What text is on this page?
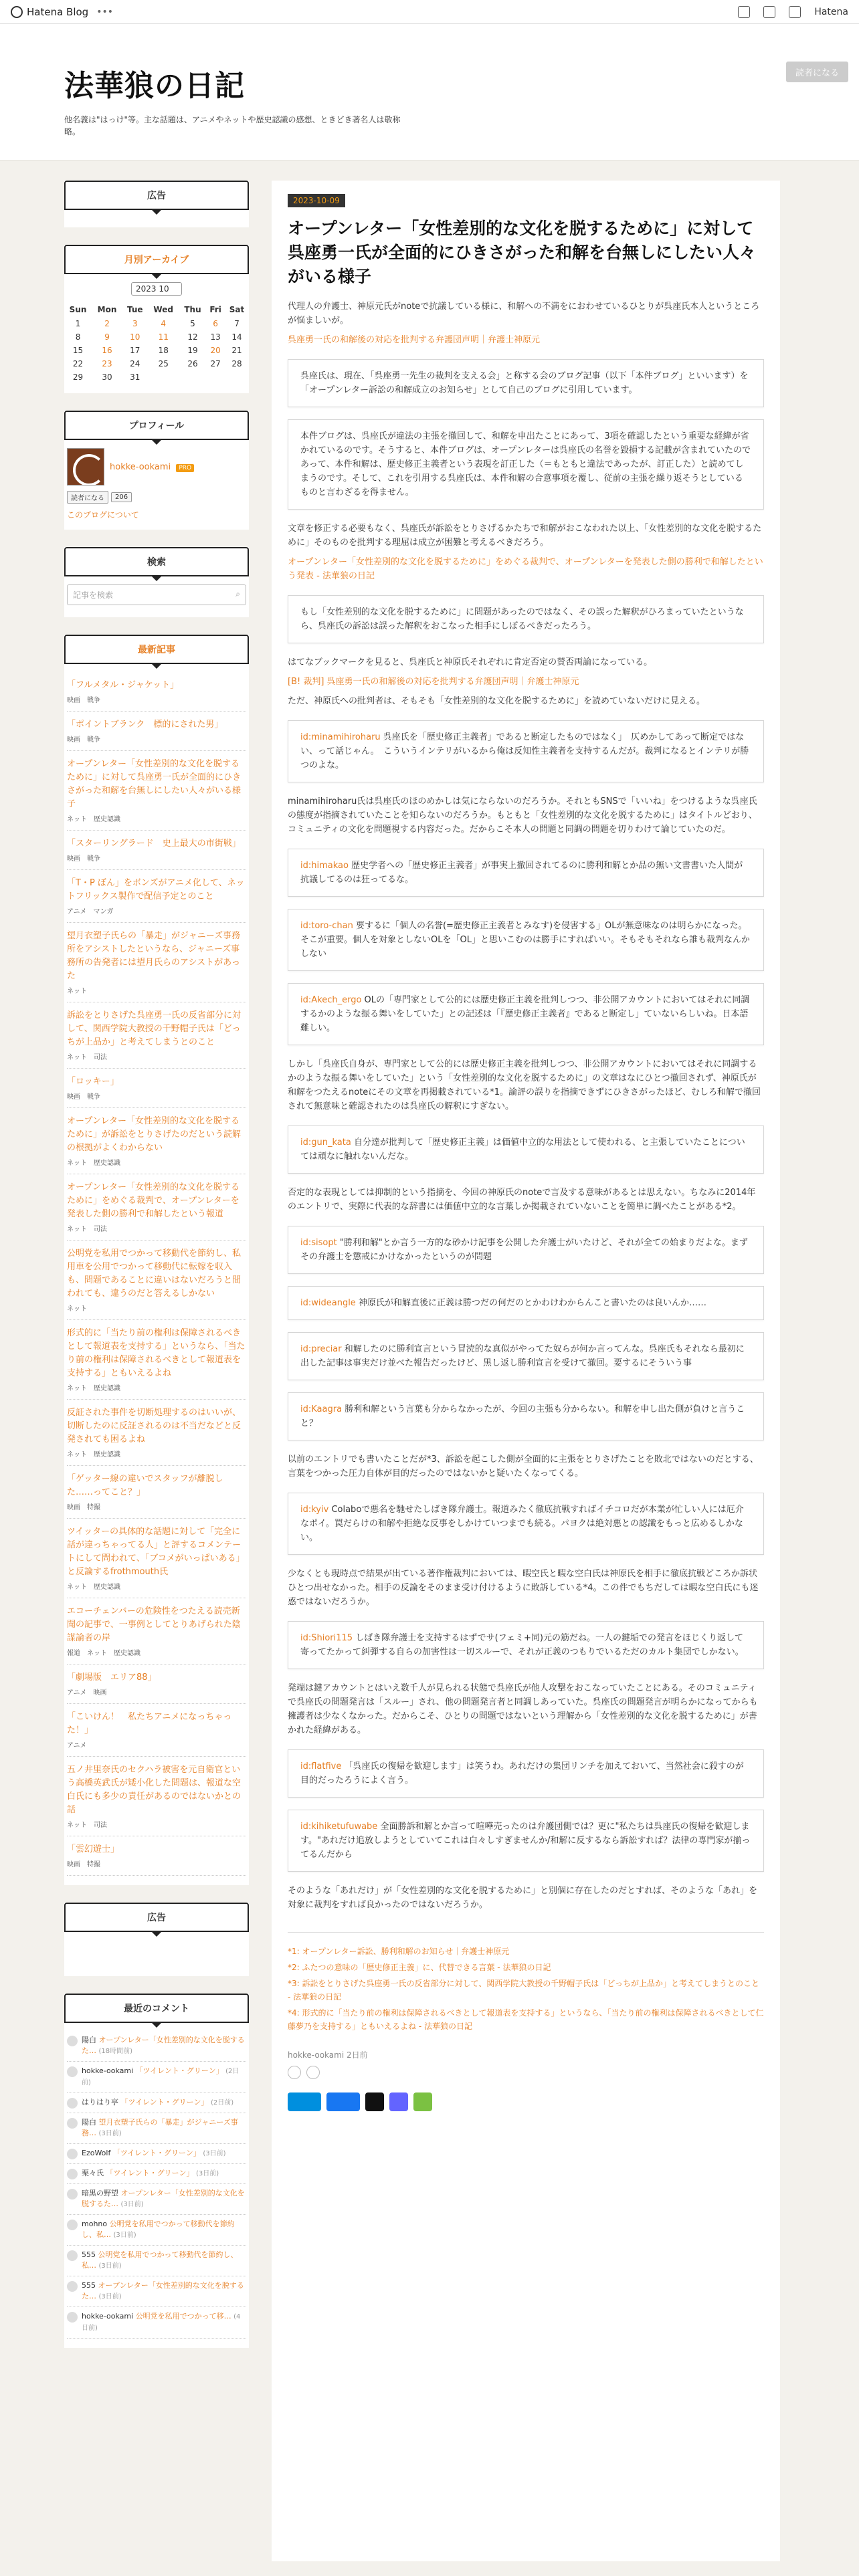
Hatena Blog •••	Hatena
法華狼の日記
他名義は"はっけ"等。主な話題は、アニメやネットや歴史認識の感想、ときどき著名人は敬称略。
読者になる
広告
月別アーカイブ
2023 10
Sun	Mon	Tue	Wed	Thu	Fri	Sat
1	2	3	4	5	6	7
8	9	10	11	12	13	14
15	16	17	18	19	20	21
22	23	24	25	26	27	28
29	30	31				
プロフィール
hokke-ookami PRO
読者になる	206
このブログについて
検索
記事を検索	⌕
最新記事
「フルメタル・ジャケット」
映画　戦争
「ポイントブランク　標的にされた男」
映画　戦争
オープンレター「女性差別的な文化を脱するために」に対して呉座勇一氏が全面的にひきさがった和解を台無しにしたい人々がいる様子
ネット　歴史認識
「スターリングラード　史上最大の市街戦」
映画　戦争
「T・P ぼん」をボンズがアニメ化して、ネットフリックス製作で配信予定とのこと
アニメ　マンガ
望月衣塑子氏らの「暴走」がジャニーズ事務所をアシストしたというなら、ジャニーズ事務所の告発者には望月氏らのアシストがあった
ネット
訴訟をとりさげた呉座勇一氏の反省部分に対して、関西学院大教授の千野帽子氏は「どっちが上品か」と考えてしまうとのこと
ネット　司法
「ロッキー」
映画　戦争
オープンレター「女性差別的な文化を脱するために」が訴訟をとりさげたのだという読解の根拠がよくわからない
ネット　歴史認識
オープンレター「女性差別的な文化を脱するために」をめぐる裁判で、オープンレターを発表した側の勝利で和解したという報道
ネット　司法
公明党を私用でつかって移動代を節約し、私用車を公用でつかって移動代に転嫁を収入も、問題であることに違いはないだろうと間われても、違うのだと答えるしかない
ネット
形式的に「当たり前の権利は保障されるべきとして報道表を支持する」というなら、「当たり前の権利は保障されるべきとして報道表を支持する」ともいえるよね
ネット　歴史認識
反証された事件を切断処理するのはいいが、切断したのに反証されるのは不当だなどと反発されても困るよね
ネット　歴史認識
「ゲッター線の違いでスタッフが離脱した……ってこと？」
映画　特撮
ツイッターの具体的な話題に対して「完全に話が違っちゃってる人」と評するコメンテートにして問われて、「ブコメがいっぱいある」と反論するfrothmouth氏
ネット　歴史認識
エコーチェンバーの危険性をつたえる読売新聞の記事で、一事例としてとりあげられた陰謀論者の岸
報道　ネット　歴史認識
「劇場版　エリア88」
アニメ　映画
「こいけん！　私たちアニメになっちゃった！」
アニメ
五ノ井里奈氏のセクハラ被害を元自衛官という高橋英武氏が矮小化した問題は、報道な空白氏にも多少の責任があるのではないかとの話
ネット　司法
「雲幻遊士」
映画　特撮
広告
最近のコメント
陽白 オープンレター「女性差別的な文化を脱するた… (18時間前)
hokke-ookami 「ツイレント・グリーン」 (2日前)
はりはり亭 「ツイレント・グリーン」 (2日前)
陽白 望月衣塑子氏らの「暴走」がジャニーズ事務… (3日前)
EzoWolf 「ツイレント・グリーン」 (3日前)
栗々氏 「ツイレント・グリーン」 (3日前)
暗黒の野望 オープンレター「女性差別的な文化を脱するた… (3日前)
mohno 公明党を私用でつかって移動代を節約し、私… (3日前)
555 公明党を私用でつかって移動代を節約し、私… (3日前)
555 オープンレター「女性差別的な文化を脱するた… (3日前)
hokke-ookami 公明党を私用でつかって移… (4日前)
2023-10-09
オープンレター「女性差別的な文化を脱するために」に対して呉座勇一氏が全面的にひきさがった和解を台無しにしたい人々がいる様子

代理人の弁護士、神原元氏がnoteで抗議している様に、和解への不満をにおわせているひとりが呉座氏本人というところが悩ましいが。

呉座勇一氏の和解後の対応を批判する弁護団声明｜弁護士神原元

呉座氏は、現在、「呉座勇一先生の裁判を支える会」と称する会のブログ記事（以下「本件ブログ」といいます）を「オープンレター訴訟の和解成立のお知らせ」として自己のブログに引用しています。
本件ブログは、呉座氏が違法の主張を撤回して、和解を申出たことにあって、3項を確認したという重要な経緯が省かれているのです。そうすると、本件ブログは、オープンレターは呉座氏の名誉を毀損する記載が含まれていたのであって、本件和解は、歴史修正主義者という表現を訂正した（＝もともと違法であったが、訂正した）と読めてしまうのです。そして、これを引用する呉座氏は、本件和解の合意事項を覆し、従前の主張を繰り返そうとしているものと言わざるを得ません。

文章を修正する必要もなく、呉座氏が訴訟をとりさげるかたちで和解がおこなわれた以上、「女性差別的な文化を脱するために」そのものを批判する理屈は成立が困難と考えるべきだろう。

オープンレター「女性差別的な文化を脱するために」をめぐる裁判で、オープンレターを発表した側の勝利で和解したという発表 - 法華狼の日記

もし「女性差別的な文化を脱するために」に問題があったのではなく、その誤った解釈がひろまっていたというなら、呉座氏の訴訟は誤った解釈をおこなった相手にしぼるべきだったろう。

はてなブックマークを見ると、呉座氏と神原氏それぞれに肯定否定の賛否両論になっている。

[B! 裁判] 呉座勇一氏の和解後の対応を批判する弁護団声明｜弁護士神原元

ただ、神原氏への批判者は、そもそも「女性差別的な文化を脱するために」を読めていないだけに見える。

id:minamihiroharu 呉座氏を「歴史修正主義者」であると断定したものではなく」　仄めかしてあって断定ではない、って話じゃん。　こういうインテリがいるから俺は反知性主義者を支持するんだが。裁判になるとインテリが勝つのよな。

minamihiroharu氏は呉座氏のほのめかしは気にならないのだろうか。それともSNSで「いいね」をつけるような呉座氏の態度が指摘されていたことを知らないのだろうか。もともと「女性差別的な文化を脱するために」はタイトルどおり、コミュニティの文化を問題視する内容だった。だからこそ本人の問題と同調の問題を切りわけて論じていたのだ。

id:himakao 歴史学者への「歴史修正主義者」が事実上撤回されてるのに勝利和解とか品の無い文書書いた人間が抗議してるのは狂ってるな。
id:toro-chan 要するに「個人の名誉(=歴史修正主義者とみなす)を侵害する」OLが無意味なのは明らかになった。そこが重要。個人を対象としないOLを「OL」と思いこむのは勝手にすればいい。そもそもそれなら誰も裁判なんかしない
id:Akech_ergo OLの「専門家として公的には歴史修正主義を批判しつつ、非公開アカウントにおいてはそれに同調するかのような振る舞いをしていた」との記述は「『歴史修正主義者』であると断定し」ていないらしいね。日本語難しい。

しかし「呉座氏自身が、専門家として公的には歴史修正主義を批判しつつ、非公開アカウントにおいてはそれに同調するかのような振る舞いをしていた」という「女性差別的な文化を脱するために」の文章はなにひとつ撤回されず、神原氏が和解をつたえるnoteにその文章を再掲載されている*1。論評の誤りを指摘できずにひきさがったほど、むしろ和解で撤回されて無意味と確認されたのは呉座氏の解釈にすぎない。

id:gun_kata 自分達が批判して「歴史修正主義」は価値中立的な用法として使われる、と主張していたことについては頑なに触れないんだな。

否定的な表現としては抑制的という指摘を、今回の神原氏のnoteで言及する意味があるとは思えない。ちなみに2014年のエントリで、実際に代表的な辞書には価値中立的な言葉しか掲載されていないことを簡単に調べたことがある*2。

id:sisopt "勝利和解"とか言う一方的な砂かけ記事を公開した弁護士がいたけど、それが全ての始まりだよな。まずその弁護士を懲戒にかけなかったというのが問題
id:wideangle 神原氏が和解直後に正義は勝つだの何だのとかわけわからんこと書いたのは良いんか……
id:preciar 和解したのに勝利宣言という冒涜的な真似がやってた奴らが何か言ってんな。呉座氏もそれなら最初に出した記事は事実だけ並べた報告だったけど、黒し返し勝利宣言を受けて撤回。要するにそういう事
id:Kaagra 勝利和解という言葉も分からなかったが、今回の主張も分からない。和解を申し出た側が負けと言うこと？

以前のエントリでも書いたことだが*3、訴訟を起こした側が全面的に主張をとりさげたことを敗北ではないのだとする、言葉をつかった圧力自体が目的だったのではないかと疑いたくなってくる。

id:kyiv Colaboで悪名を馳せたしばき隊弁護士。報道みたく徹底抗戦すればイチコロだが本業が忙しい人には厄介なポイ。罠だらけの和解や拒絶な反事をしかけていつまでも続る。パヨクは絶対悪との認識をもっと広めるしかない。

少なくとも現時点で結果が出ている著作権裁判においては、暇空氏と暇な空白氏は神原氏を相手に徹底抗戦どころか訴状ひとつ出せなかった。相手の反論をそのまま受け付けるように敗訴している*4。この件でもちだしては暇な空白氏にも迷惑ではないだろうか。

id:Shiori115 しばき隊弁護士を支持するはずでサ(フェミ+同)元の筋だね。一人の鍵垢での発言をほじくり返して寄ってたかって糾弾する自らの加害性は一切スルーで、それが正義のつもりでいるただのカルト集団でしかない。

発端は鍵アカウントとはいえ数千人が見られる状態で呉座氏が他人攻撃をおこなっていたことにある。そのコミュニティで呉座氏の問題発言は「スルー」され、他の問題発言者と同調しあっていた。呉座氏の問題発言が明らかになってからも擁護者は少なくなかった。だからこそ、ひとりの問題ではないという理解から「女性差別的な文化を脱するために」が書かれた経緯がある。

id:flatfive 「呉座氏の復帰を歓迎します」は笑うわ。あれだけの集団リンチを加えておいて、当然社会に殺すのが目的だったろうによく言う。
id:kihiketufuwabe 全面勝訴和解とか言って喧嘩売ったのは弁護団側では？更に"私たちは呉座氏の復帰を歓迎します。"あれだけ追放しようとしていてこれは白々しすぎませんか/和解に反するなら訴訟すれば？法律の専門家が揃ってるんだから

そのような「あれだけ」が「女性差別的な文化を脱するために」と別個に存在したのだとすれば、そのような「あれ」を対象に裁判をすれば良かったのではないだろうか。

*1: オープンレター訴訟、勝利和解のお知らせ｜弁護士神原元
*2: ふたつの意味の「歴史修正主義」に、代替できる言葉 - 法華狼の日記
*3: 訴訟をとりさげた呉座勇一氏の反省部分に対して、関西学院大教授の千野帽子氏は「どっちが上品か」と考えてしまうとのこと - 法華狼の日記
*4: 形式的に「当たり前の権利は保障されるべきとして報道表を支持する」というなら、「当たり前の権利は保障されるべきとして仁藤夢乃を支持する」ともいえるよね - 法華狼の日記
hokke-ookami 2日前
